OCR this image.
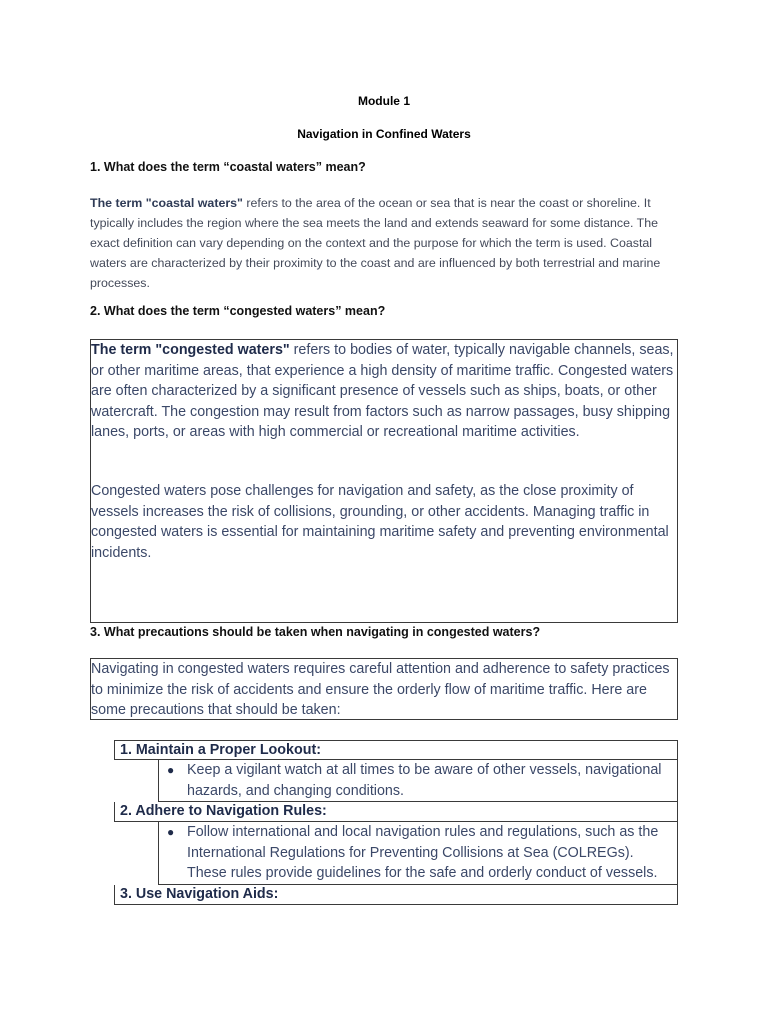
Module 1
Navigation in Confined Waters
1. What does the term “coastal waters” mean?
The term "coastal waters" refers to the area of the ocean or sea that is near the coast or shoreline. It typically includes the region where the sea meets the land and extends seaward for some distance. The exact definition can vary depending on the context and the purpose for which the term is used. Coastal waters are characterized by their proximity to the coast and are influenced by both terrestrial and marine processes.
2. What does the term “congested waters” mean?

The term "congested waters" refers to bodies of water, typically navigable channels, seas, or other maritime areas, that experience a high density of maritime traffic. Congested waters are often characterized by a significant presence of vessels such as ships, boats, or other watercraft. The congestion may result from factors such as narrow passages, busy shipping lanes, ports, or areas with high commercial or recreational maritime activities.

Congested waters pose challenges for navigation and safety, as the close proximity of vessels increases the risk of collisions, grounding, or other accidents. Managing traffic in congested waters is essential for maintaining maritime safety and preventing environmental incidents.

3. What precautions should be taken when navigating in congested waters?
Navigating in congested waters requires careful attention and adherence to safety practices to minimize the risk of accidents and ensure the orderly flow of maritime traffic. Here are some precautions that should be taken:
1. Maintain a Proper Lookout:
● Keep a vigilant watch at all times to be aware of other vessels, navigational hazards, and changing conditions.
2. Adhere to Navigation Rules:
● Follow international and local navigation rules and regulations, such as the International Regulations for Preventing Collisions at Sea (COLREGs). These rules provide guidelines for the safe and orderly conduct of vessels.
3. Use Navigation Aids:
